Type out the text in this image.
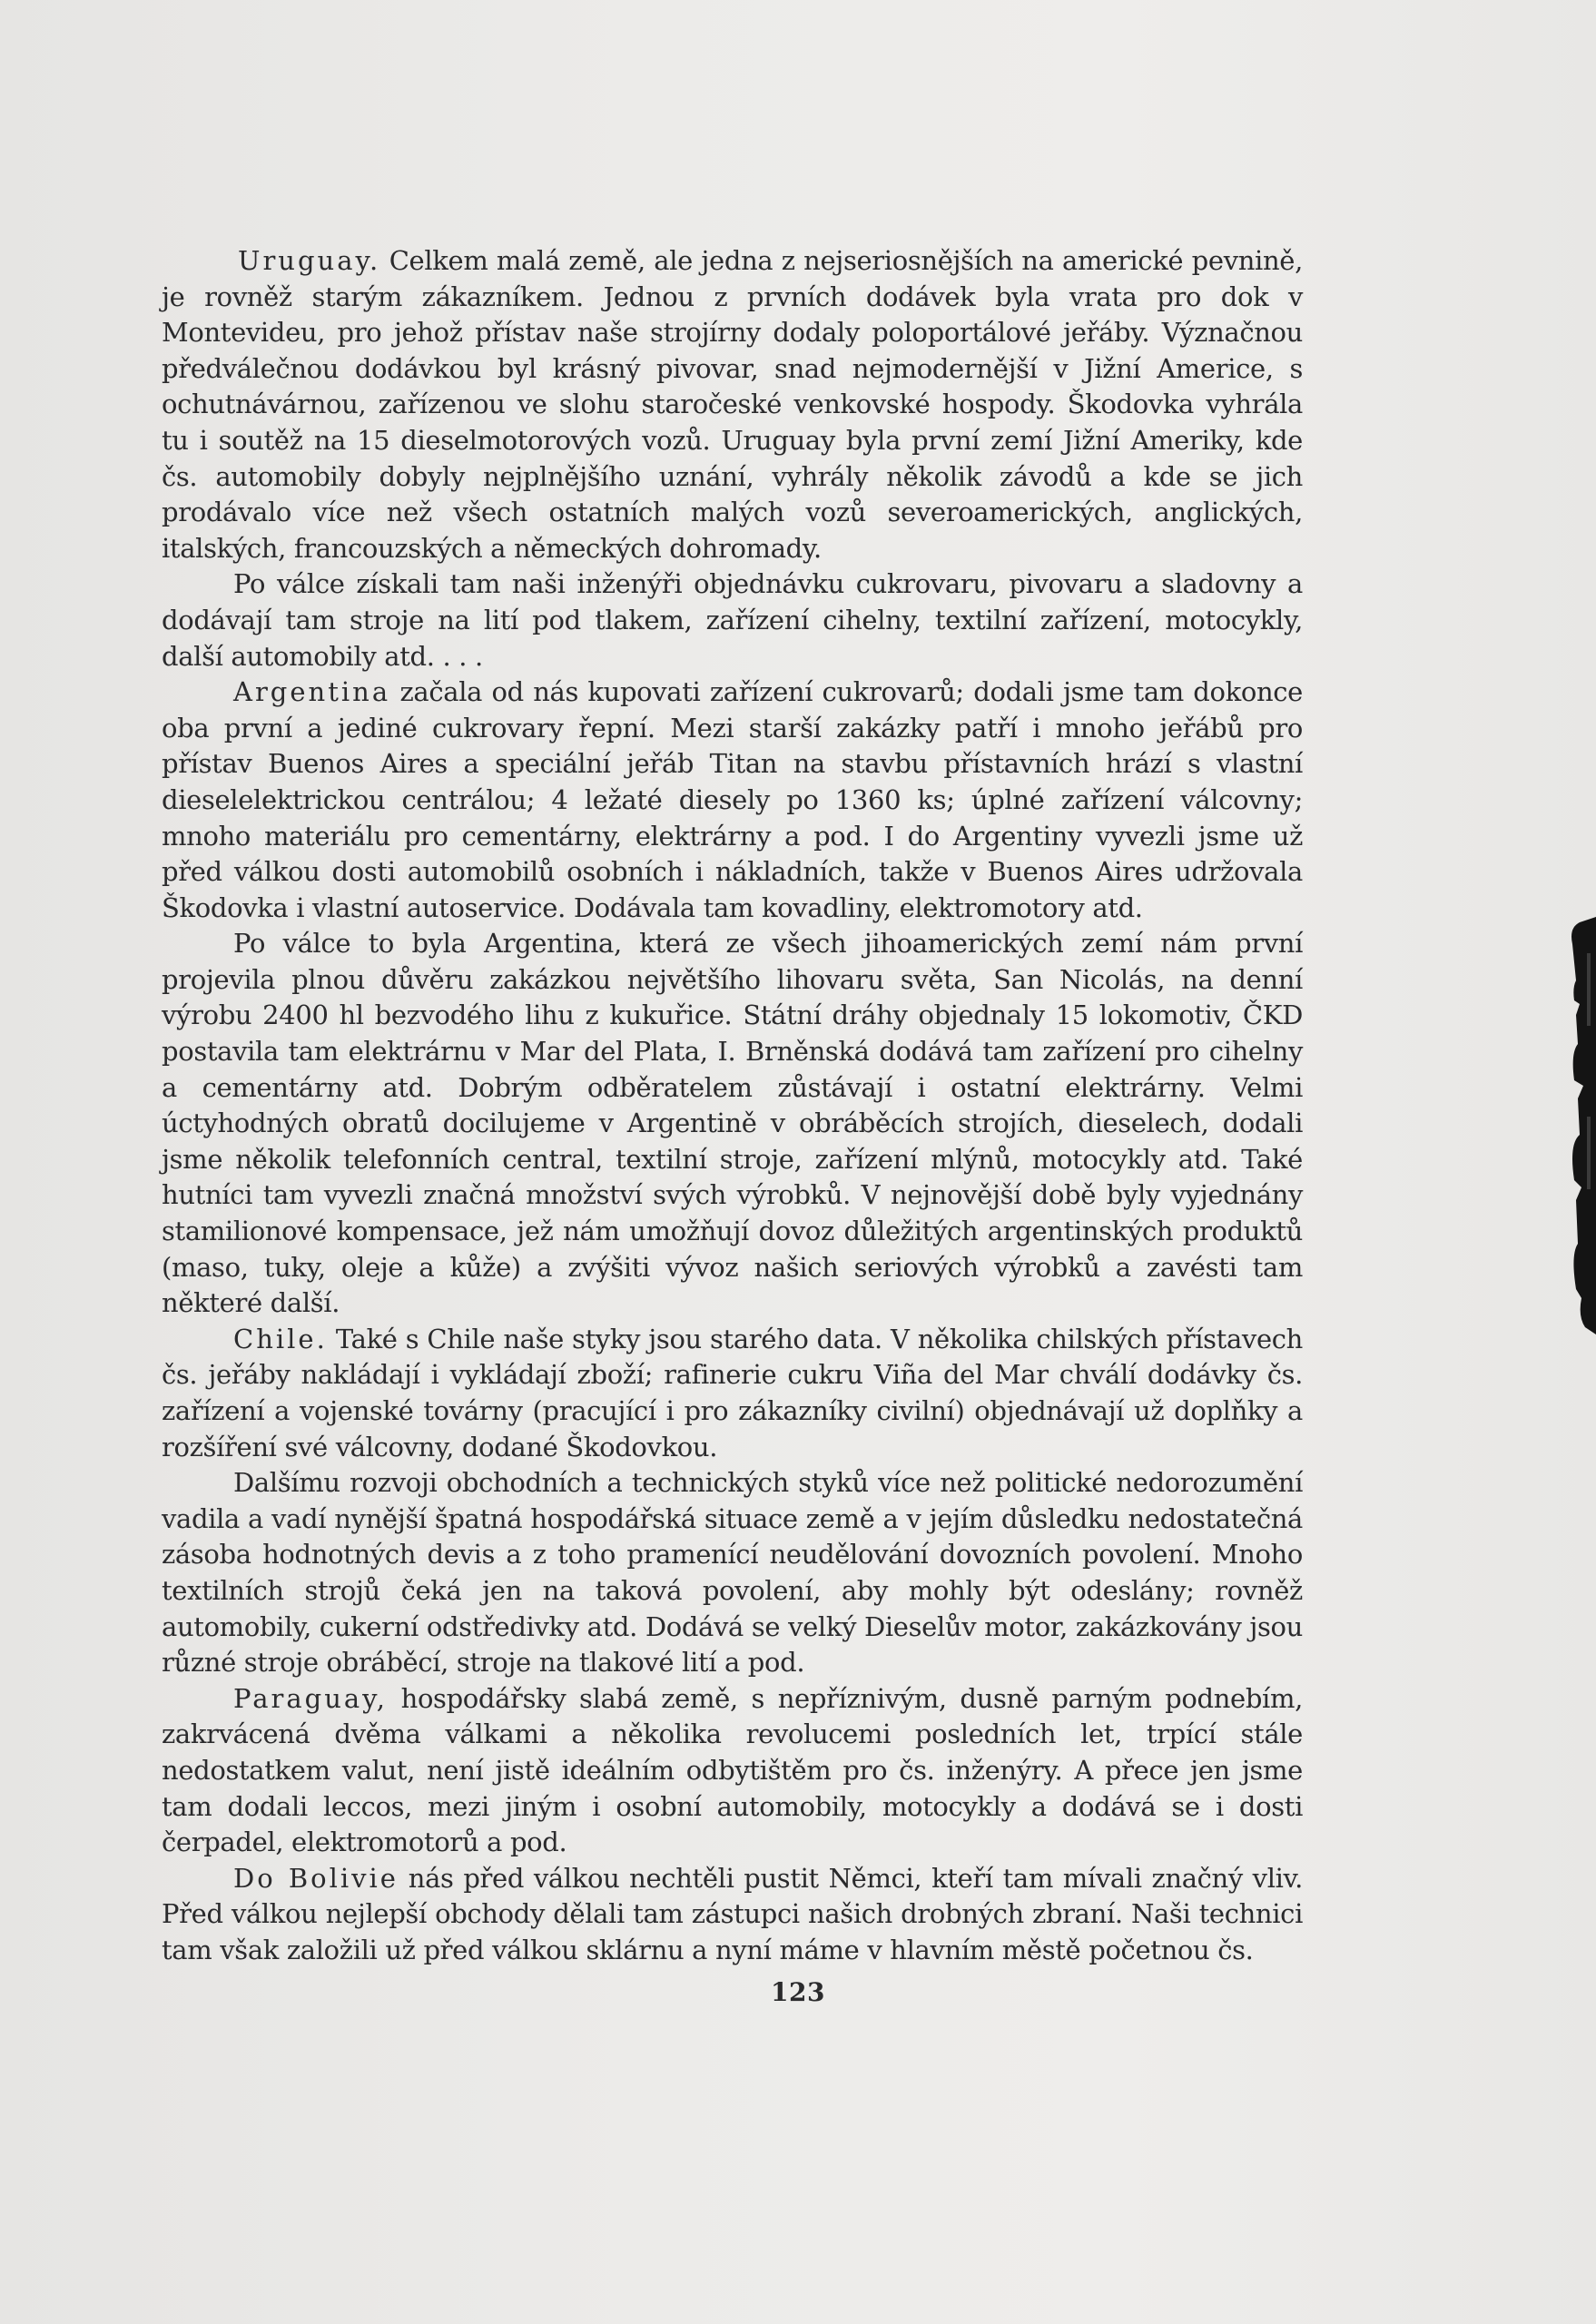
Uruguay. Celkem malá země, ale jedna z nejseriosnějších na americké pevnině, je rovněž starým zákazníkem. Jednou z prvních dodávek byla vrata pro dok v Montevideu, pro jehož přístav naše strojírny dodaly poloportálové jeřáby. Význačnou předválečnou dodávkou byl krásný pivovar, snad nejmodernější v Jižní Americe, s ochutnávárnou, zařízenou ve slohu staročeské venkovské hospody. Škodovka vyhrála tu i soutěž na 15 dieselmotorových vozů. Uruguay byla první zemí Jižní Ameriky, kde čs. automobily dobyly nejplnějšího uznání, vyhrály několik závodů a kde se jich prodávalo více než všech ostatních malých vozů severoamerických, anglických, italských, francouzských a německých dohromady.

Po válce získali tam naši inženýři objednávku cukrovaru, pivovaru a sladovny a dodávají tam stroje na lití pod tlakem, zařízení cihelny, textilní zařízení, motocykly, další automobily atd. . . .

Argentina začala od nás kupovati zařízení cukrovarů; dodali jsme tam dokonce oba první a jediné cukrovary řepní. Mezi starší zakázky patří i mnoho jeřábů pro přístav Buenos Aires a speciální jeřáb Titan na stavbu přístavních hrází s vlastní dieselelektrickou centrálou; 4 ležaté diesely po 1360 ks; úplné zařízení válcovny; mnoho materiálu pro cementárny, elektrárny a pod. I do Argentiny vyvezli jsme už před válkou dosti automobilů osobních i nákladních, takže v Buenos Aires udržovala Škodovka i vlastní autoservice. Dodávala tam kovadliny, elektromotory atd.

Po válce to byla Argentina, která ze všech jihoamerických zemí nám první projevila plnou důvěru zakázkou největšího lihovaru světa, San Nicolás, na denní výrobu 2400 hl bezvodého lihu z kukuřice. Státní dráhy objednaly 15 lokomotiv, ČKD postavila tam elektrárnu v Mar del Plata, I. Brněnská dodává tam zařízení pro cihelny a cementárny atd. Dobrým odběratelem zůstávají i ostatní elektrárny. Velmi úctyhodných obratů docilujeme v Argentině v obráběcích strojích, dieselech, dodali jsme několik telefonních central, textilní stroje, zařízení mlýnů, motocykly atd. Také hutníci tam vyvezli značná množství svých výrobků. V nejnovější době byly vyjednány stamilionové kompensace, jež nám umožňují dovoz důležitých argentinských produktů (maso, tuky, oleje a kůže) a zvýšiti vývoz našich seriových výrobků a zavésti tam některé další.

Chile. Také s Chile naše styky jsou starého data. V několika chilských přístavech čs. jeřáby nakládají i vykládají zboží; rafinerie cukru Viña del Mar chválí dodávky čs. zařízení a vojenské továrny (pracující i pro zákazníky civilní) objednávají už doplňky a rozšíření své válcovny, dodané Škodovkou.

Dalšímu rozvoji obchodních a technických styků více než politické nedorozumění vadila a vadí nynější špatná hospodářská situace země a v jejím důsledku nedostatečná zásoba hodnotných devis a z toho pramenící neudělování dovozních povolení. Mnoho textilních strojů čeká jen na taková povolení, aby mohly být odeslány; rovněž automobily, cukerní odstředivky atd. Dodává se velký Dieselův motor, zakázkovány jsou různé stroje obráběcí, stroje na tlakové lití a pod.

Paraguay, hospodářsky slabá země, s nepříznivým, dusně parným podnebím, zakrvácená dvěma válkami a několika revolucemi posledních let, trpící stále nedostatkem valut, není jistě ideálním odbytištěm pro čs. inženýry. A přece jen jsme tam dodali leccos, mezi jiným i osobní automobily, motocykly a dodává se i dosti čerpadel, elektromotorů a pod.

Do Bolivie nás před válkou nechtěli pustit Němci, kteří tam mívali značný vliv. Před válkou nejlepší obchody dělali tam zástupci našich drobných zbraní. Naši technici tam však založili už před válkou sklárnu a nyní máme v hlavním městě početnou čs.

123
